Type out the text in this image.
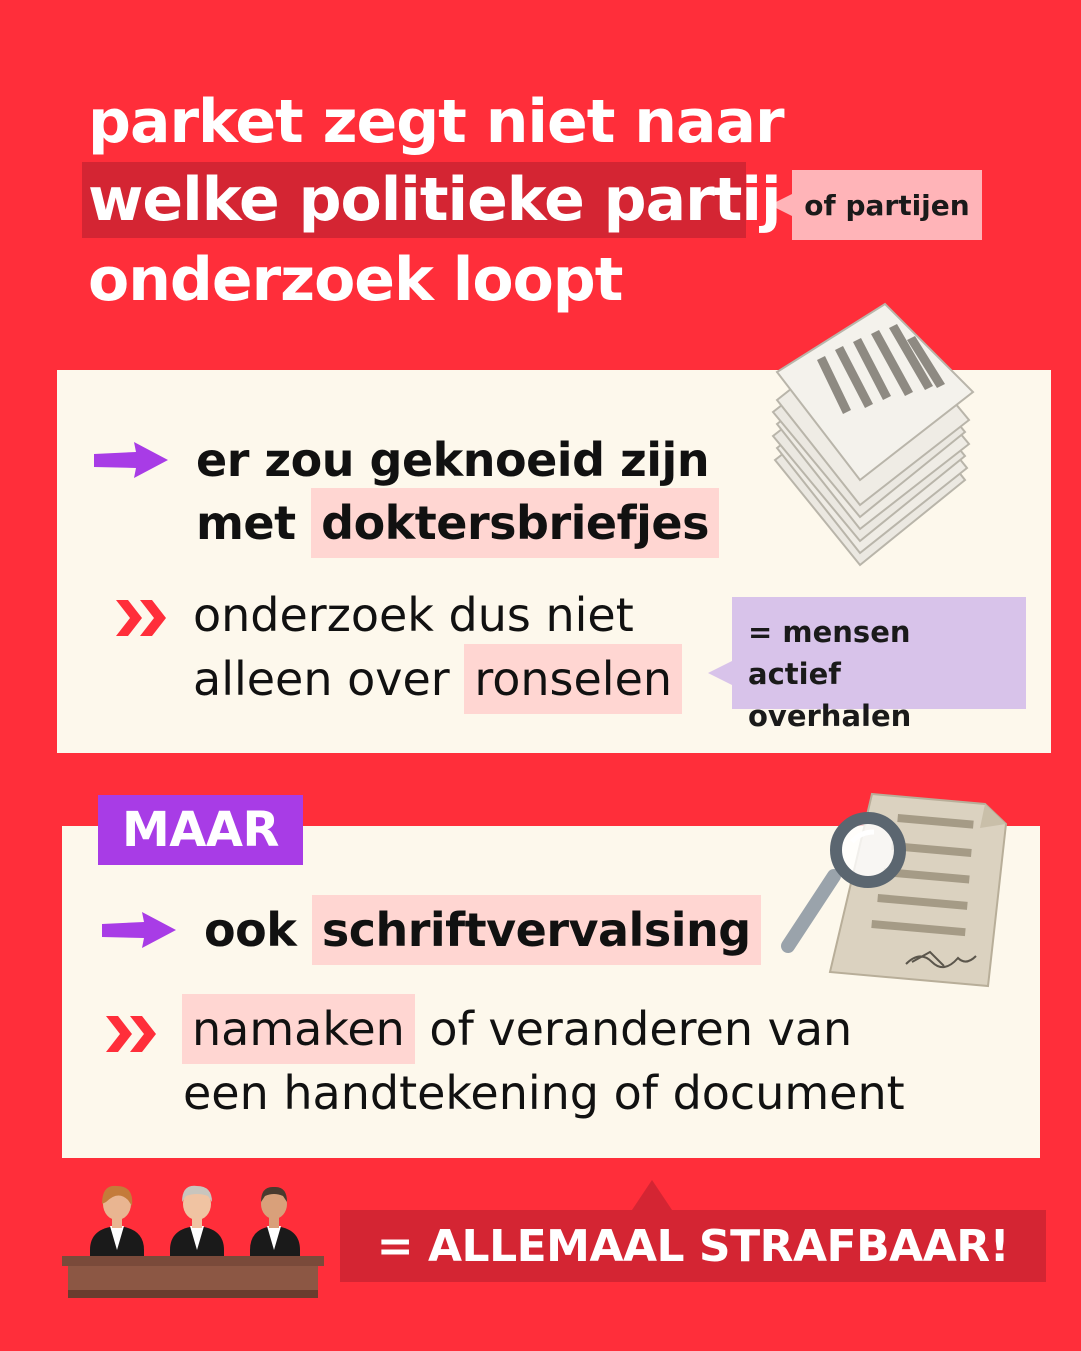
parket zegt niet naar
welke politieke partij
onderzoek loopt
of partijen
er zou geknoeid zijn
met doktersbriefjes
onderzoek dus niet
alleen over ronselen
= mensen actief
overhalen
MAAR
ook schriftvervalsing
namaken of veranderen van
een handtekening of document
= ALLEMAAL STRAFBAAR!
